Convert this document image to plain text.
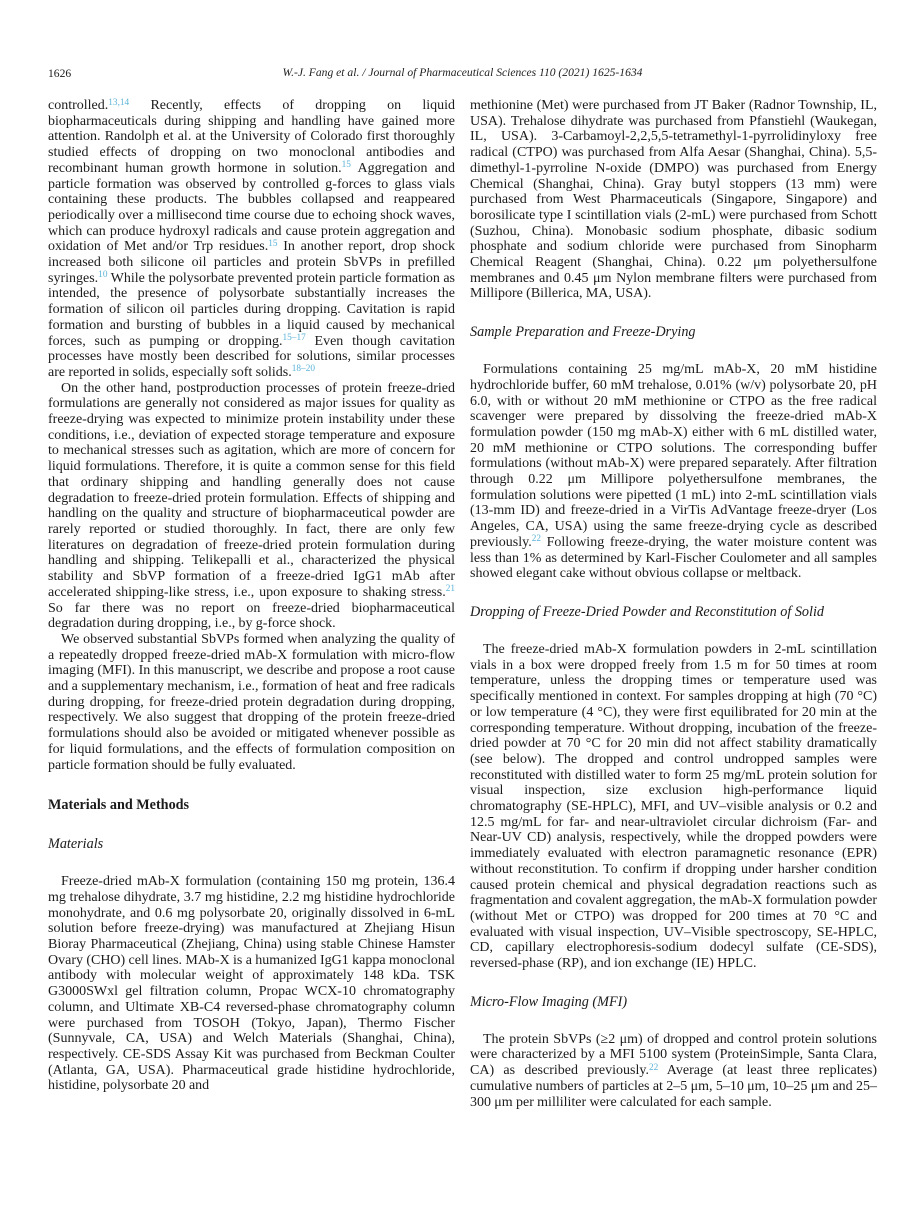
1626	W.-J. Fang et al. / Journal of Pharmaceutical Sciences 110 (2021) 1625-1634

controlled.$^{13,14}$ Recently, effects of dropping on liquid biopharmaceuticals during shipping and handling have gained more attention. Randolph et al. at the University of Colorado first thoroughly studied effects of dropping on two monoclonal antibodies and recombinant human growth hormone in solution.$^{15}$ Aggregation and particle formation was observed by controlled g-forces to glass vials containing these products. The bubbles collapsed and reappeared periodically over a millisecond time course due to echoing shock waves, which can produce hydroxyl radicals and cause protein aggregation and oxidation of Met and/or Trp residues.$^{15}$ In another report, drop shock increased both silicone oil particles and protein SbVPs in prefilled syringes.$^{10}$ While the polysorbate prevented protein particle formation as intended, the presence of polysorbate substantially increases the formation of silicon oil particles during dropping. Cavitation is rapid formation and bursting of bubbles in a liquid caused by mechanical forces, such as pumping or dropping.$^{15-17}$ Even though cavitation processes have mostly been described for solutions, similar processes are reported in solids, especially soft solids.$^{18-20}$

On the other hand, postproduction processes of protein freeze-dried formulations are generally not considered as major issues for quality as freeze-drying was expected to minimize protein instability under these conditions, i.e., deviation of expected storage temperature and exposure to mechanical stresses such as agitation, which are more of concern for liquid formulations. Therefore, it is quite a common sense for this field that ordinary shipping and handling generally does not cause degradation to freeze-dried protein formulation. Effects of shipping and handling on the quality and structure of biopharmaceutical powder are rarely reported or studied thoroughly. In fact, there are only few literatures on degradation of freeze-dried protein formulation during handling and shipping. Telikepalli et al., characterized the physical stability and SbVP formation of a freeze-dried IgG1 mAb after accelerated shipping-like stress, i.e., upon exposure to shaking stress.$^{21}$ So far there was no report on freeze-dried biopharmaceutical degradation during dropping, i.e., by g-force shock.

We observed substantial SbVPs formed when analyzing the quality of a repeatedly dropped freeze-dried mAb-X formulation with micro-flow imaging (MFI). In this manuscript, we describe and propose a root cause and a supplementary mechanism, i.e., formation of heat and free radicals during dropping, for freeze-dried protein degradation during dropping, respectively. We also suggest that dropping of the protein freeze-dried formulations should also be avoided or mitigated whenever possible as for liquid formulations, and the effects of formulation composition on particle formation should be fully evaluated.

Materials and Methods
Materials

Freeze-dried mAb-X formulation (containing 150 mg protein, 136.4 mg trehalose dihydrate, 3.7 mg histidine, 2.2 mg histidine hydrochloride monohydrate, and 0.6 mg polysorbate 20, originally dissolved in 6-mL solution before freeze-drying) was manufactured at Zhejiang Hisun Bioray Pharmaceutical (Zhejiang, China) using stable Chinese Hamster Ovary (CHO) cell lines. MAb-X is a humanized IgG1 kappa monoclonal antibody with molecular weight of approximately 148 kDa. TSK G3000SWxl gel filtration column, Propac WCX-10 chromatography column, and Ultimate XB-C4 reversed-phase chromatography column were purchased from TOSOH (Tokyo, Japan), Thermo Fischer (Sunnyvale, CA, USA) and Welch Materials (Shanghai, China), respectively. CE-SDS Assay Kit was purchased from Beckman Coulter (Atlanta, GA, USA). Pharmaceutical grade histidine hydrochloride, histidine, polysorbate 20 and

methionine (Met) were purchased from JT Baker (Radnor Township, IL, USA). Trehalose dihydrate was purchased from Pfanstiehl (Waukegan, IL, USA). 3-Carbamoyl-2,2,5,5-tetramethyl-1-pyrrolidinyloxy free radical (CTPO) was purchased from Alfa Aesar (Shanghai, China). 5,5-dimethyl-1-pyrroline N-oxide (DMPO) was purchased from Energy Chemical (Shanghai, China). Gray butyl stoppers (13 mm) were purchased from West Pharmaceuticals (Singapore, Singapore) and borosilicate type I scintillation vials (2-mL) were purchased from Schott (Suzhou, China). Monobasic sodium phosphate, dibasic sodium phosphate and sodium chloride were purchased from Sinopharm Chemical Reagent (Shanghai, China). 0.22 μm polyethersulfone membranes and 0.45 μm Nylon membrane filters were purchased from Millipore (Billerica, MA, USA).

Sample Preparation and Freeze-Drying

Formulations containing 25 mg/mL mAb-X, 20 mM histidine hydrochloride buffer, 60 mM trehalose, 0.01% (w/v) polysorbate 20, pH 6.0, with or without 20 mM methionine or CTPO as the free radical scavenger were prepared by dissolving the freeze-dried mAb-X formulation powder (150 mg mAb-X) either with 6 mL distilled water, 20 mM methionine or CTPO solutions. The corresponding buffer formulations (without mAb-X) were prepared separately. After filtration through 0.22 μm Millipore polyethersulfone membranes, the formulation solutions were pipetted (1 mL) into 2-mL scintillation vials (13-mm ID) and freeze-dried in a VirTis AdVantage freeze-dryer (Los Angeles, CA, USA) using the same freeze-drying cycle as described previously.$^{22}$ Following freeze-drying, the water moisture content was less than 1% as determined by Karl-Fischer Coulometer and all samples showed elegant cake without obvious collapse or meltback.

Dropping of Freeze-Dried Powder and Reconstitution of Solid

The freeze-dried mAb-X formulation powders in 2-mL scintillation vials in a box were dropped freely from 1.5 m for 50 times at room temperature, unless the dropping times or temperature used was specifically mentioned in context. For samples dropping at high (70 °C) or low temperature (4 °C), they were first equilibrated for 20 min at the corresponding temperature. Without dropping, incubation of the freeze-dried powder at 70 °C for 20 min did not affect stability dramatically (see below). The dropped and control undropped samples were reconstituted with distilled water to form 25 mg/mL protein solution for visual inspection, size exclusion high-performance liquid chromatography (SE-HPLC), MFI, and UV–visible analysis or 0.2 and 12.5 mg/mL for far- and near-ultraviolet circular dichroism (Far- and Near-UV CD) analysis, respectively, while the dropped powders were immediately evaluated with electron paramagnetic resonance (EPR) without reconstitution. To confirm if dropping under harsher condition caused protein chemical and physical degradation reactions such as fragmentation and covalent aggregation, the mAb-X formulation powder (without Met or CTPO) was dropped for 200 times at 70 °C and evaluated with visual inspection, UV–Visible spectroscopy, SE-HPLC, CD, capillary electrophoresis-sodium dodecyl sulfate (CE-SDS), reversed-phase (RP), and ion exchange (IE) HPLC.

Micro-Flow Imaging (MFI)

The protein SbVPs (≥2 μm) of dropped and control protein solutions were characterized by a MFI 5100 system (ProteinSimple, Santa Clara, CA) as described previously.$^{22}$ Average (at least three replicates) cumulative numbers of particles at 2–5 μm, 5–10 μm, 10–25 μm and 25–300 μm per milliliter were calculated for each sample.
